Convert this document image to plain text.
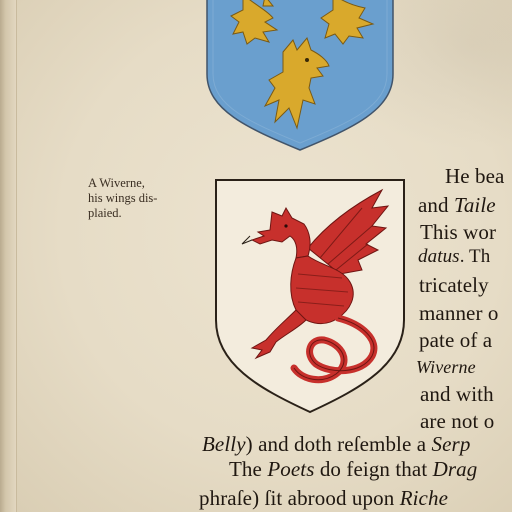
A Wiverne,
his wings dis-
plaied.
He bea
and Taile
This wor
datus. Th
tricately
manner o
pate of a
Wiverne
and with
are not o
Belly) and doth reſemble a Serp
The Poets do feign that Drag
phraſe) ſit abrood upon Riche
